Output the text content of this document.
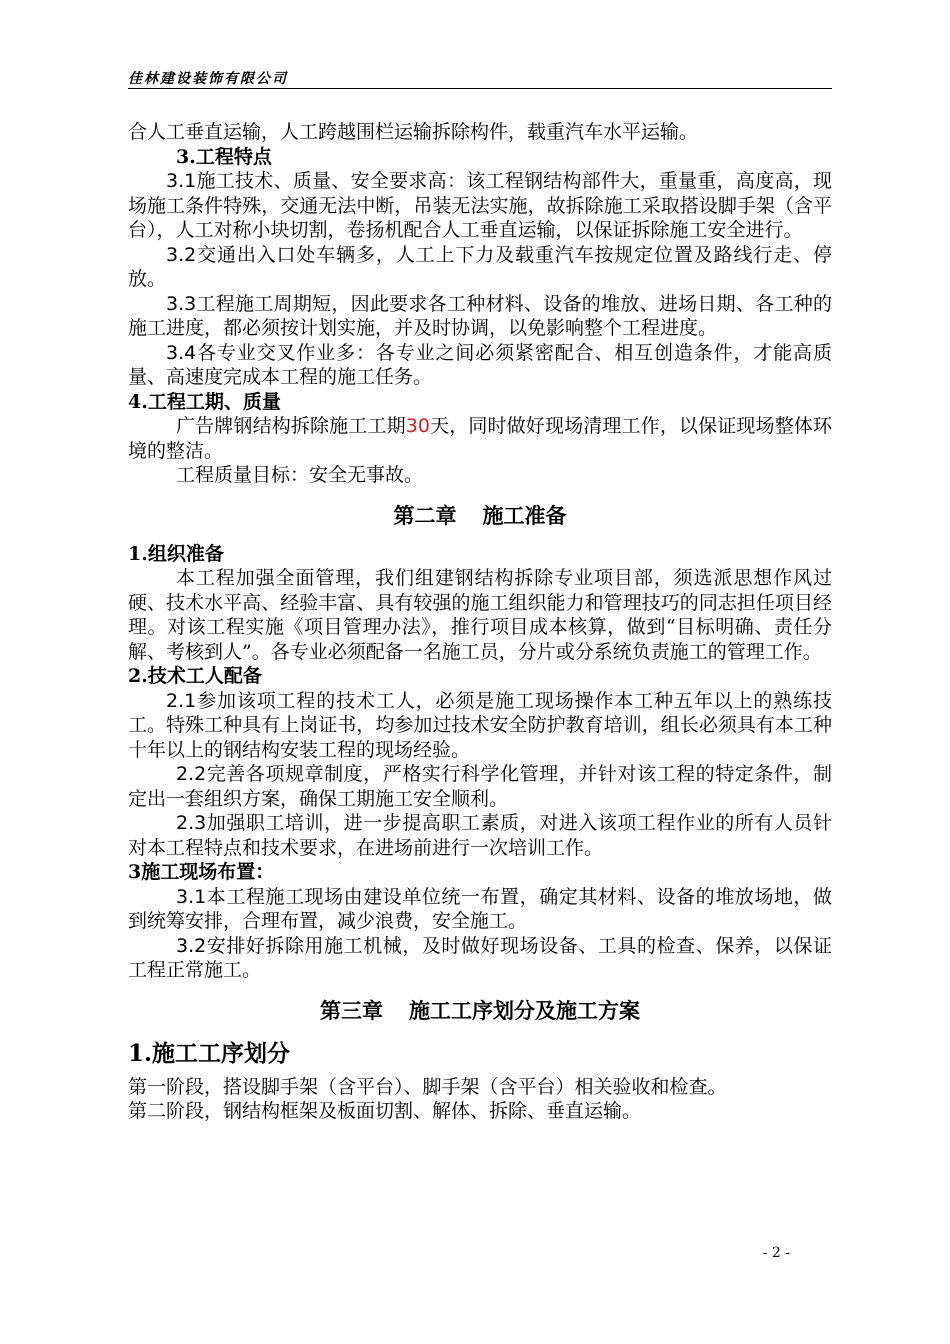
佳林建设装饰有限公司

合人工垂直运输，人工跨越围栏运输拆除构件，载重汽车水平运输。

3.工程特点

3.1施工技术、质量、安全要求高：该工程钢结构部件大，重量重，高度高，现场施工条件特殊，交通无法中断，吊装无法实施，故拆除施工采取搭设脚手架（含平台），人工对称小块切割，卷扬机配合人工垂直运输，以保证拆除施工安全进行。

3.2交通出入口处车辆多，人工上下力及载重汽车按规定位置及路线行走、停放。

3.3工程施工周期短，因此要求各工种材料、设备的堆放、进场日期、各工种的施工进度，都必须按计划实施，并及时协调，以免影响整个工程进度。

3.4各专业交叉作业多：各专业之间必须紧密配合、相互创造条件，才能高质量、高速度完成本工程的施工任务。

4.工程工期、质量

广告牌钢结构拆除施工工期30天，同时做好现场清理工作，以保证现场整体环境的整洁。

工程质量目标：安全无事故。

第二章 施工准备

1.组织准备

本工程加强全面管理，我们组建钢结构拆除专业项目部，须选派思想作风过硬、技术水平高、经验丰富、具有较强的施工组织能力和管理技巧的同志担任项目经理。对该工程实施《项目管理办法》，推行项目成本核算，做到“目标明确、责任分解、考核到人”。各专业必须配备一名施工员，分片或分系统负责施工的管理工作。

2.技术工人配备

2.1参加该项工程的技术工人，必须是施工现场操作本工种五年以上的熟练技工。特殊工种具有上岗证书，均参加过技术安全防护教育培训，组长必须具有本工种十年以上的钢结构安装工程的现场经验。

2.2完善各项规章制度，严格实行科学化管理，并针对该工程的特定条件，制定出一套组织方案，确保工期施工安全顺利。

2.3加强职工培训，进一步提高职工素质，对进入该项工程作业的所有人员针对本工程特点和技术要求，在进场前进行一次培训工作。

3施工现场布置：

3.1本工程施工现场由建设单位统一布置，确定其材料、设备的堆放场地，做到统筹安排，合理布置，减少浪费，安全施工。

3.2安排好拆除用施工机械，及时做好现场设备、工具的检查、保养，以保证工程正常施工。

第三章 施工工序划分及施工方案

1.施工工序划分

第一阶段，搭设脚手架（含平台）、脚手架（含平台）相关验收和检查。

第二阶段，钢结构框架及板面切割、解体、拆除、垂直运输。

- 2 -
